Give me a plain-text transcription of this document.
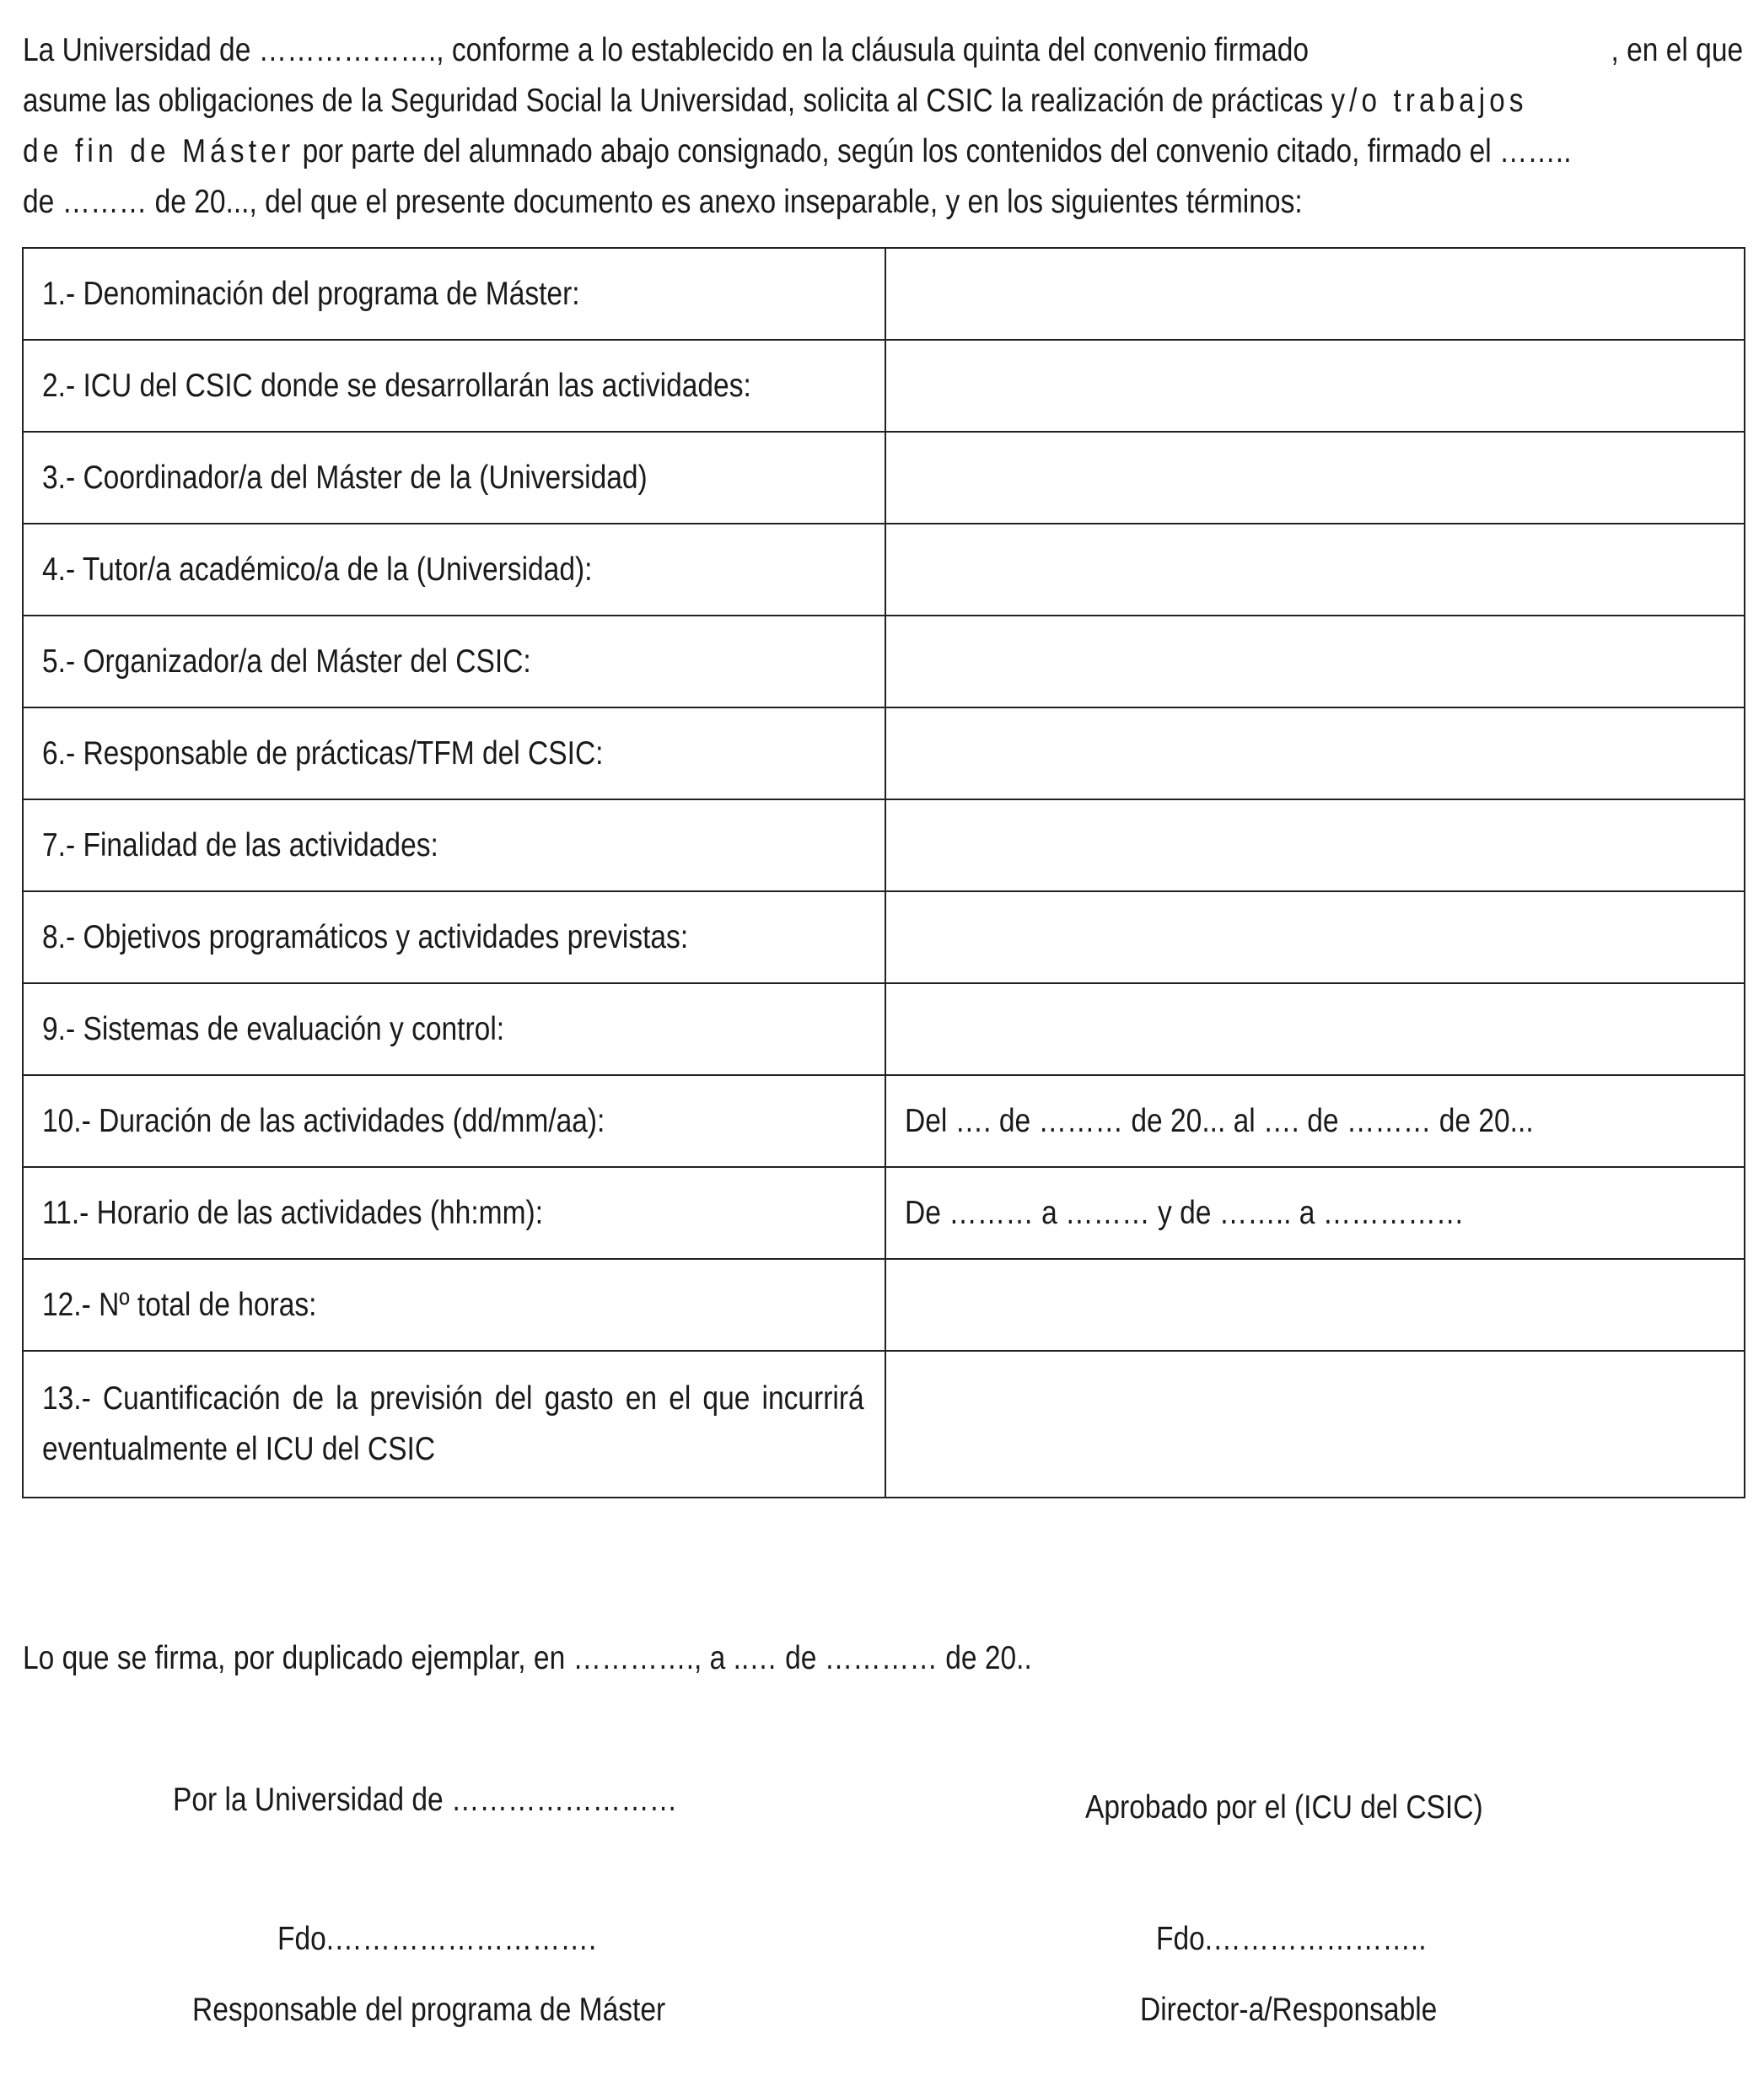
La Universidad de ………………., conforme a lo establecido en la cláusula quinta del convenio firmado	, en el que
asume las obligaciones de la Seguridad Social la Universidad, solicita al CSIC la realización de prácticas y/o trabajos
de fin de Máster por parte del alumnado abajo consignado, según los contenidos del convenio citado, firmado el ……..
de ……… de 20..., del que el presente documento es anexo inseparable, y en los siguientes términos:
1.- Denominación del programa de Máster:	
2.- ICU del CSIC donde se desarrollarán las actividades:	
3.- Coordinador/a del Máster de la (Universidad)	
4.- Tutor/a académico/a de la (Universidad):	
5.- Organizador/a del Máster del CSIC:	
6.- Responsable de prácticas/TFM del CSIC:	
7.- Finalidad de las actividades:	
8.- Objetivos programáticos y actividades previstas:	
9.- Sistemas de evaluación y control:	
10.- Duración de las actividades (dd/mm/aa):	Del …. de ……… de 20... al …. de ……… de 20...
11.- Horario de las actividades (hh:mm):	De ……… a ……… y de …….. a ……………
12.- Nº total de horas:	

13.- Cuantificación de la previsión del gasto en el que incurrirá eventualmente el ICU del CSIC	

Lo que se firma, por duplicado ejemplar, en …………., a ..… de ………… de 20..
Por la Universidad de ……………………
Fdo.……………………….
Responsable del programa de Máster
Aprobado por el (ICU del CSIC)
Fdo.…………………..
Director-a/Responsable
